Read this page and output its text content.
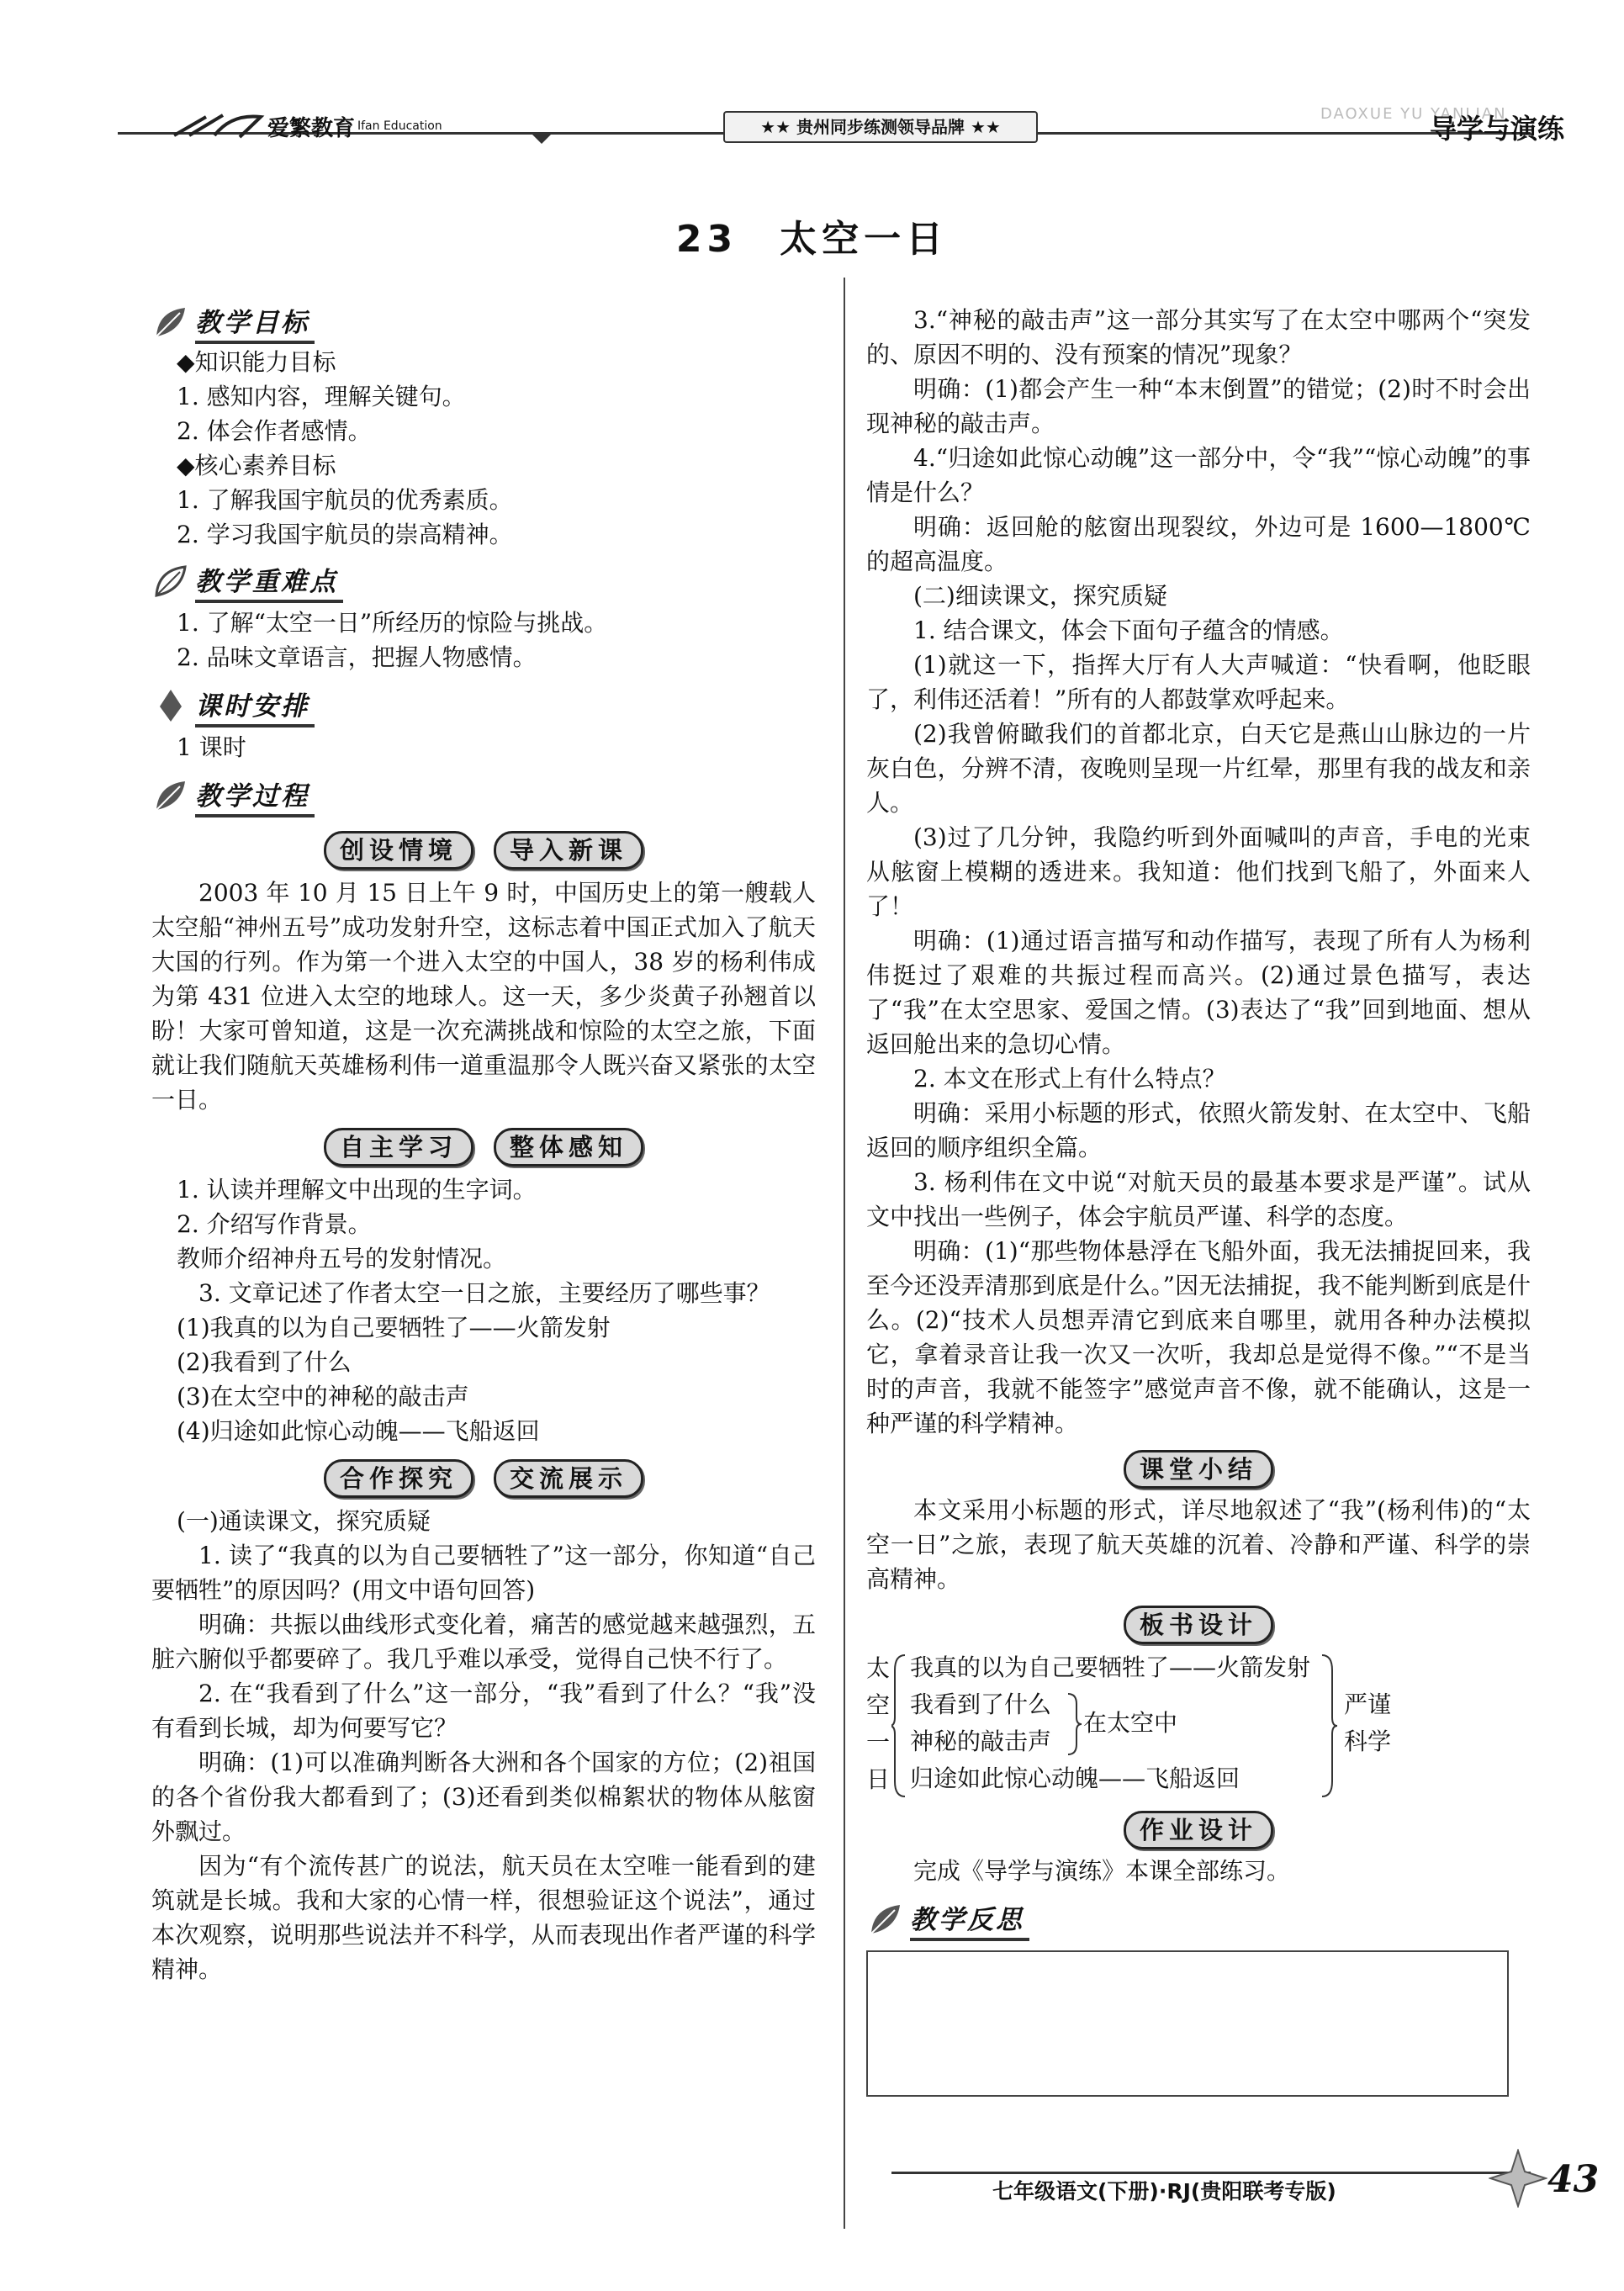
爱繁教育 Ifan Education	★★ 贵州同步练测领导品牌 ★★
DAOXUE YU YANLIAN
导学与演练
23　太空一日
教学目标
◆知识能力目标
1. 感知内容，理解关键句。
2. 体会作者感情。
◆核心素养目标
1. 了解我国宇航员的优秀素质。
2. 学习我国宇航员的崇高精神。
教学重难点
1. 了解“太空一日”所经历的惊险与挑战。
2. 品味文章语言，把握人物感情。
课时安排
1 课时
教学过程
创设情境	导入新课
2003 年 10 月 15 日上午 9 时，中国历史上的第一艘载人太空船“神州五号”成功发射升空，这标志着中国正式加入了航天大国的行列。作为第一个进入太空的中国人，38 岁的杨利伟成为第 431 位进入太空的地球人。这一天，多少炎黄子孙翘首以盼！大家可曾知道，这是一次充满挑战和惊险的太空之旅，下面就让我们随航天英雄杨利伟一道重温那令人既兴奋又紧张的太空一日。
自主学习	整体感知
1. 认读并理解文中出现的生字词。
2. 介绍写作背景。
教师介绍神舟五号的发射情况。
3. 文章记述了作者太空一日之旅，主要经历了哪些事？
(1)我真的以为自己要牺牲了——火箭发射
(2)我看到了什么
(3)在太空中的神秘的敲击声
(4)归途如此惊心动魄——飞船返回
合作探究	交流展示
(一)通读课文，探究质疑
1. 读了“我真的以为自己要牺牲了”这一部分，你知道“自己要牺牲”的原因吗？(用文中语句回答)
明确：共振以曲线形式变化着，痛苦的感觉越来越强烈，五脏六腑似乎都要碎了。我几乎难以承受，觉得自己快不行了。
2. 在“我看到了什么”这一部分，“我”看到了什么？“我”没有看到长城，却为何要写它？
明确：(1)可以准确判断各大洲和各个国家的方位；(2)祖国的各个省份我大都看到了；(3)还看到类似棉絮状的物体从舷窗外飘过。
因为“有个流传甚广的说法，航天员在太空唯一能看到的建筑就是长城。我和大家的心情一样，很想验证这个说法”，通过本次观察，说明那些说法并不科学，从而表现出作者严谨的科学精神。
3.“神秘的敲击声”这一部分其实写了在太空中哪两个“突发的、原因不明的、没有预案的情况”现象？
明确：(1)都会产生一种“本末倒置”的错觉；(2)时不时会出现神秘的敲击声。
4.“归途如此惊心动魄”这一部分中，令“我”“惊心动魄”的事情是什么？
明确：返回舱的舷窗出现裂纹，外边可是 1600—1800℃的超高温度。
(二)细读课文，探究质疑
1. 结合课文，体会下面句子蕴含的情感。
(1)就这一下，指挥大厅有人大声喊道：“快看啊，他眨眼了，利伟还活着！”所有的人都鼓掌欢呼起来。
(2)我曾俯瞰我们的首都北京，白天它是燕山山脉边的一片灰白色，分辨不清，夜晚则呈现一片红晕，那里有我的战友和亲人。
(3)过了几分钟，我隐约听到外面喊叫的声音，手电的光束从舷窗上模糊的透进来。我知道：他们找到飞船了，外面来人了！
明确：(1)通过语言描写和动作描写，表现了所有人为杨利伟挺过了艰难的共振过程而高兴。(2)通过景色描写，表达了“我”在太空思家、爱国之情。(3)表达了“我”回到地面、想从返回舱出来的急切心情。
2. 本文在形式上有什么特点？
明确：采用小标题的形式，依照火箭发射、在太空中、飞船返回的顺序组织全篇。
3. 杨利伟在文中说“对航天员的最基本要求是严谨”。试从文中找出一些例子，体会宇航员严谨、科学的态度。
明确：(1)“那些物体悬浮在飞船外面，我无法捕捉回来，我至今还没弄清那到底是什么。”因无法捕捉，我不能判断到底是什么。(2)“技术人员想弄清它到底来自哪里，就用各种办法模拟它，拿着录音让我一次又一次听，我却总是觉得不像。”“不是当时的声音，我就不能签字”感觉声音不像，就不能确认，这是一种严谨的科学精神。
课堂小结
本文采用小标题的形式，详尽地叙述了“我”(杨利伟)的“太空一日”之旅，表现了航天英雄的沉着、冷静和严谨、科学的崇高精神。
板书设计
太
空
一
日
我真的以为自己要牺牲了——火箭发射
我看到了什么
神秘的敲击声
在太空中
归途如此惊心动魄——飞船返回
严谨
科学
作业设计
完成《导学与演练》本课全部练习。
教学反思
七年级语文(下册)·RJ(贵阳联考专版)	43
